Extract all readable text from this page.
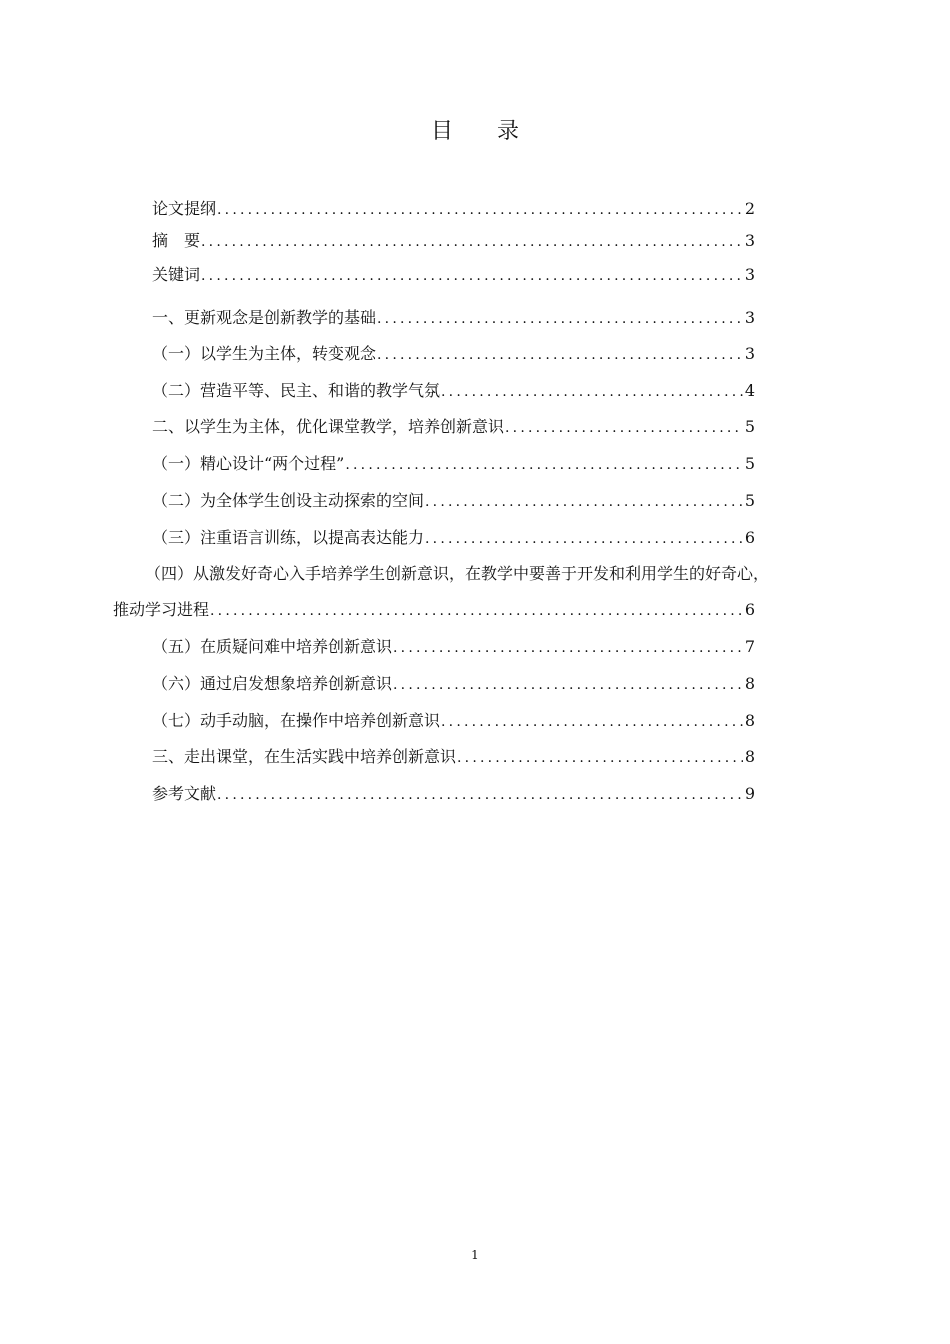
目　　录
论文提纲 .....	2
摘　要 .....	3
关键词 .....	3
一、更新观念是创新教学的基础 .....	3
（一）以学生为主体，转变观念 .....	3
（二）营造平等、民主、和谐的教学气氛 .....	4
二、以学生为主体，优化课堂教学，培养创新意识 .....	5
（一）精心设计“两个过程” .....	5
（二）为全体学生创设主动探索的空间 .....	5
（三）注重语言训练，以提高表达能力 .....	6
（四）从激发好奇心入手培养学生创新意识，在教学中要善于开发和利用学生的好奇心，
推动学习进程 .....	6
（五）在质疑问难中培养创新意识 .....	7
（六）通过启发想象培养创新意识 .....	8
（七）动手动脑，在操作中培养创新意识 .....	8
三、走出课堂，在生活实践中培养创新意识 .....	8
参考文献 .....	9
1
